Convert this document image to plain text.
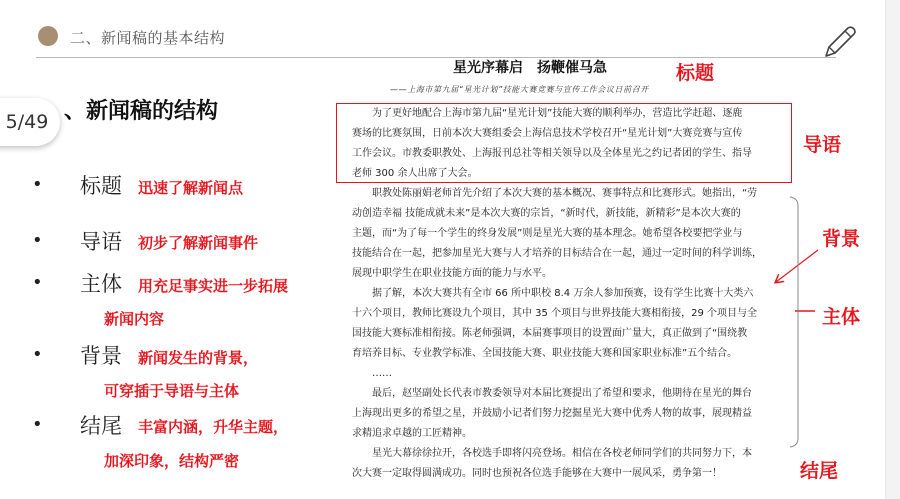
二、新闻稿的基本结构
5/49 、新闻稿的结构
• 标题 迅速了解新闻点
• 导语 初步了解新闻事件
• 主体 用充足事实进一步拓展
新闻内容
• 背景 新闻发生的背景，
可穿插于导语与主体
• 结尾 丰富内涵，升华主题，
加深印象，结构严密
星光序幕启　扬鞭催马急
——上海市第九届“星光计划”技能大赛竞赛与宣传工作会议日前召开
为了更好地配合上海市第九届“星光计划”技能大赛的顺利举办，营造比学赶超、逐鹿
赛场的比赛氛围，日前本次大赛组委会上海信息技术学校召开“星光计划”大赛竞赛与宣传
工作会议。市教委职教处、上海报刊总社等相关领导以及全体星光之约记者团的学生、指导
老师 300 余人出席了大会。
职教处陈丽娟老师首先介绍了本次大赛的基本概况、赛事特点和比赛形式。她指出，“劳
动创造幸福 技能成就未来”是本次大赛的宗旨，“新时代，新技能，新精彩”是本次大赛的
主题，而“为了每一个学生的终身发展”则是星光大赛的基本理念。她希望各校要把学业与
技能结合在一起，把参加星光大赛与人才培养的目标结合在一起，通过一定时间的科学训练，
展现中职学生在职业技能方面的能力与水平。
据了解，本次大赛共有全市 66 所中职校 8.4 万余人参加预赛，设有学生比赛十大类六
十六个项目，教师比赛设九个项目，其中 35 个项目与世界技能大赛相衔接，29 个项目与全
国技能大赛标准相衔接。陈老师强调，本届赛事项目的设置面广量大，真正做到了“围绕教
育培养目标、专业教学标准、全国技能大赛、职业技能大赛和国家职业标准”五个结合。
……
最后，赵坚副处长代表市教委领导对本届比赛提出了希望和要求，他期待在星光的舞台
上海现出更多的希望之星，并鼓励小记者们努力挖掘星光大赛中优秀人物的故事，展现精益
求精追求卓越的工匠精神。
星光大幕徐徐拉开，各校选手即将闪亮登场。相信在各校老师同学们的共同努力下，本
次大赛一定取得圆满成功。同时也预祝各位选手能够在大赛中一展风采，勇争第一！
标题
导语
背景
主体
结尾
